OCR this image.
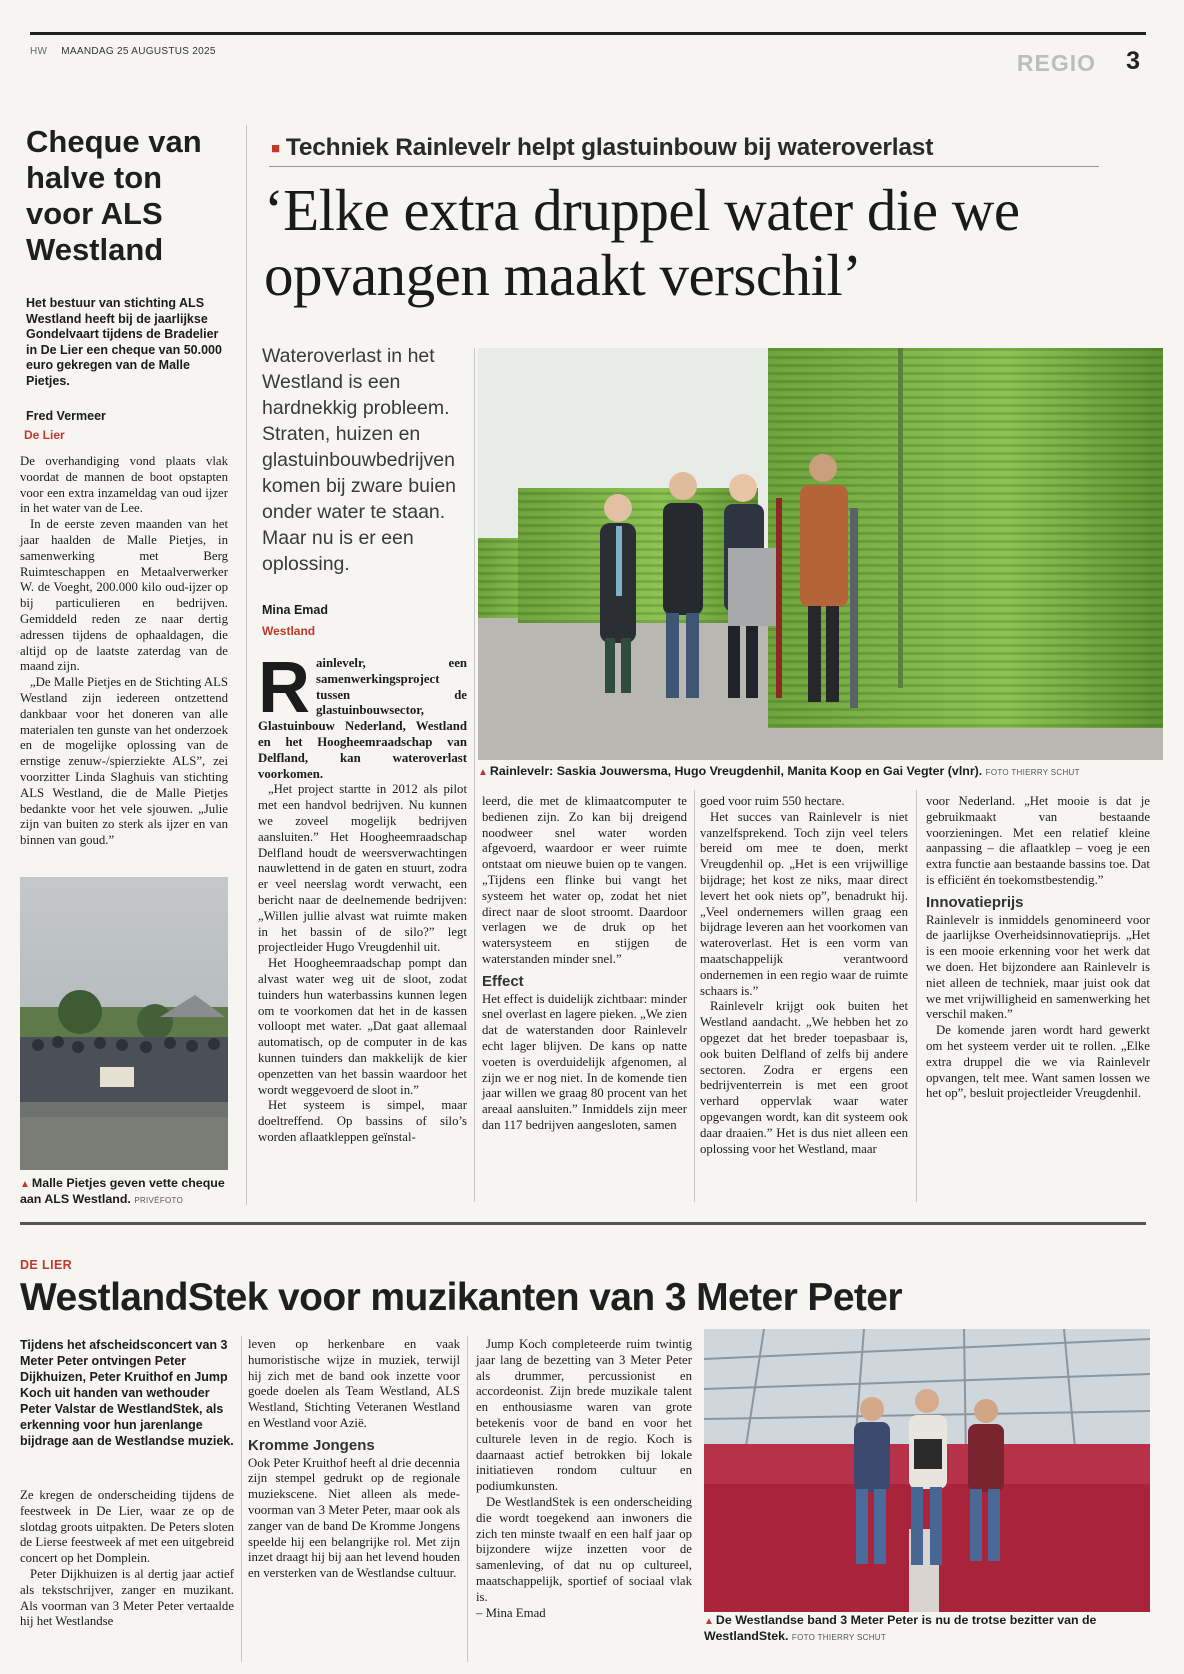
HW MAANDAG 25 AUGUSTUS 2025	REGIO 3
Cheque van halve ton voor ALS Westland
Het bestuur van stichting ALS Westland heeft bij de jaarlijkse Gondelvaart tijdens de Bradelier in De Lier een cheque van 50.000 euro gekregen van de Malle Pietjes.
Fred Vermeer
De Lier

De overhandiging vond plaats vlak voordat de mannen de boot opstapten voor een extra inzameldag van oud ijzer in het water van de Lee.

In de eerste zeven maanden van het jaar haalden de Malle Pietjes, in samenwerking met Berg Ruimteschappen en Metaalverwerker W. de Voeght, 200.000 kilo oud-ijzer op bij particulieren en bedrijven. Gemiddeld reden ze naar dertig adressen tijdens de ophaaldagen, die altijd op de laatste zaterdag van de maand zijn.

„De Malle Pietjes en de Stichting ALS Westland zijn iedereen ontzettend dankbaar voor het doneren van alle materialen ten gunste van het onderzoek en de mogelijke oplossing van de ernstige zenuw-/spierziekte ALS”, zei voorzitter Linda Slaghuis van stichting ALS Westland, die de Malle Pietjes bedankte voor het vele sjouwen. „Julie zijn van buiten zo sterk als ijzer en van binnen van goud.”

▲ Malle Pietjes geven vette cheque aan ALS Westland. PRIVÉFOTO
■ Techniek Rainlevelr helpt glastuinbouw bij wateroverlast
‘Elke extra druppel water die we opvangen maakt verschil’
Wateroverlast in het Westland is een hardnekkig probleem. Straten, huizen en glastuinbouwbedrijven komen bij zware buien onder water te staan. Maar nu is er een oplossing.
Mina Emad
Westland

Rainlevelr, een samenwerkingsproject tussen de glastuinbouwsector, Glastuinbouw Nederland, Westland en het Hoogheemraadschap van Delfland, kan wateroverlast voorkomen.

„Het project startte in 2012 als pilot met een handvol bedrijven. Nu kunnen we zoveel mogelijk bedrijven aansluiten.” Het Hoogheemraadschap Delfland houdt de weersverwachtingen nauwlettend in de gaten en stuurt, zodra er veel neerslag wordt verwacht, een bericht naar de deelnemende bedrijven: „Willen jullie alvast wat ruimte maken in het bassin of de silo?” legt projectleider Hugo Vreugdenhil uit.

Het Hoogheemraadschap pompt dan alvast water weg uit de sloot, zodat tuinders hun waterbassins kunnen legen om te voorkomen dat het in de kassen volloopt met water. „Dat gaat allemaal automatisch, op de computer in de kas kunnen tuinders dan makkelijk de kier openzetten van het bassin waardoor het wordt weggevoerd de sloot in.”

Het systeem is simpel, maar doeltreffend. Op bassins of silo’s worden aflaatkleppen geïnstal-

leerd, die met de klimaatcomputer te bedienen zijn. Zo kan bij dreigend noodweer snel water worden afgevoerd, waardoor er weer ruimte ontstaat om nieuwe buien op te vangen. „Tijdens een flinke bui vangt het systeem het water op, zodat het niet direct naar de sloot stroomt. Daardoor verlagen we de druk op het watersysteem en stijgen de waterstanden minder snel.”

Effect

Het effect is duidelijk zichtbaar: minder snel overlast en lagere pieken. „We zien dat de waterstanden door Rainlevelr echt lager blijven. De kans op natte voeten is overduidelijk afgenomen, al zijn we er nog niet. In de komende tien jaar willen we graag 80 procent van het areaal aansluiten.” Inmiddels zijn meer dan 117 bedrijven aangesloten, samen

goed voor ruim 550 hectare.

Het succes van Rainlevelr is niet vanzelfsprekend. Toch zijn veel telers bereid om mee te doen, merkt Vreugdenhil op. „Het is een vrijwillige bijdrage; het kost ze niks, maar direct levert het ook niets op”, benadrukt hij. „Veel ondernemers willen graag een bijdrage leveren aan het voorkomen van wateroverlast. Het is een vorm van maatschappelijk verantwoord ondernemen in een regio waar de ruimte schaars is.”

Rainlevelr krijgt ook buiten het Westland aandacht. „We hebben het zo opgezet dat het breder toepasbaar is, ook buiten Delfland of zelfs bij andere sectoren. Zodra er ergens een bedrijventerrein is met een groot verhard oppervlak waar water opgevangen wordt, kan dit systeem ook daar draaien.” Het is dus niet alleen een oplossing voor het Westland, maar

voor Nederland. „Het mooie is dat je gebruikmaakt van bestaande voorzieningen. Met een relatief kleine aanpassing – die aflaatklep – voeg je een extra functie aan bestaande bassins toe. Dat is efficiënt én toekomstbestendig.”

Innovatieprijs

Rainlevelr is inmiddels genomineerd voor de jaarlijkse Overheidsinnovatieprijs. „Het is een mooie erkenning voor het werk dat we doen. Het bijzondere aan Rainlevelr is niet alleen de techniek, maar juist ook dat we met vrijwilligheid en samenwerking het verschil maken.”

De komende jaren wordt hard gewerkt om het systeem verder uit te rollen. „Elke extra druppel die we via Rainlevelr opvangen, telt mee. Want samen lossen we het op”, besluit projectleider Vreugdenhil.

▲ Rainlevelr: Saskia Jouwersma, Hugo Vreugdenhil, Manita Koop en Gai Vegter (vlnr). FOTO THIERRY SCHUT
DE LIER
WestlandStek voor muzikanten van 3 Meter Peter
Tijdens het afscheidsconcert van 3 Meter Peter ontvingen Peter Dijkhuizen, Peter Kruithof en Jump Koch uit handen van wethouder Peter Valstar de WestlandStek, als erkenning voor hun jarenlange bijdrage aan de Westlandse muziek.

Ze kregen de onderscheiding tijdens de feestweek in De Lier, waar ze op de slotdag groots uitpakten. De Peters sloten de Lierse feestweek af met een uitgebreid concert op het Domplein.

Peter Dijkhuizen is al dertig jaar actief als tekstschrijver, zanger en muzikant. Als voorman van 3 Meter Peter vertaalde hij het Westlandse

leven op herkenbare en vaak humoristische wijze in muziek, terwijl hij zich met de band ook inzette voor goede doelen als Team Westland, ALS Westland, Stichting Veteranen Westland en Westland voor Azië.

Kromme Jongens

Ook Peter Kruithof heeft al drie decennia zijn stempel gedrukt op de regionale muziekscene. Niet alleen als mede-voorman van 3 Meter Peter, maar ook als zanger van de band De Kromme Jongens speelde hij een belangrijke rol. Met zijn inzet draagt hij bij aan het levend houden en versterken van de Westlandse cultuur.

Jump Koch completeerde ruim twintig jaar lang de bezetting van 3 Meter Peter als drummer, percussionist en accordeonist. Zijn brede muzikale talent en enthousiasme waren van grote betekenis voor de band en voor het culturele leven in de regio. Koch is daarnaast actief betrokken bij lokale initiatieven rondom cultuur en podiumkunsten.

De WestlandStek is een onderscheiding die wordt toegekend aan inwoners die zich ten minste twaalf en een half jaar op bijzondere wijze inzetten voor de samenleving, of dat nu op cultureel, maatschappelijk, sportief of sociaal vlak is.

– Mina Emad

▲ De Westlandse band 3 Meter Peter is nu de trotse bezitter van de WestlandStek. FOTO THIERRY SCHUT
